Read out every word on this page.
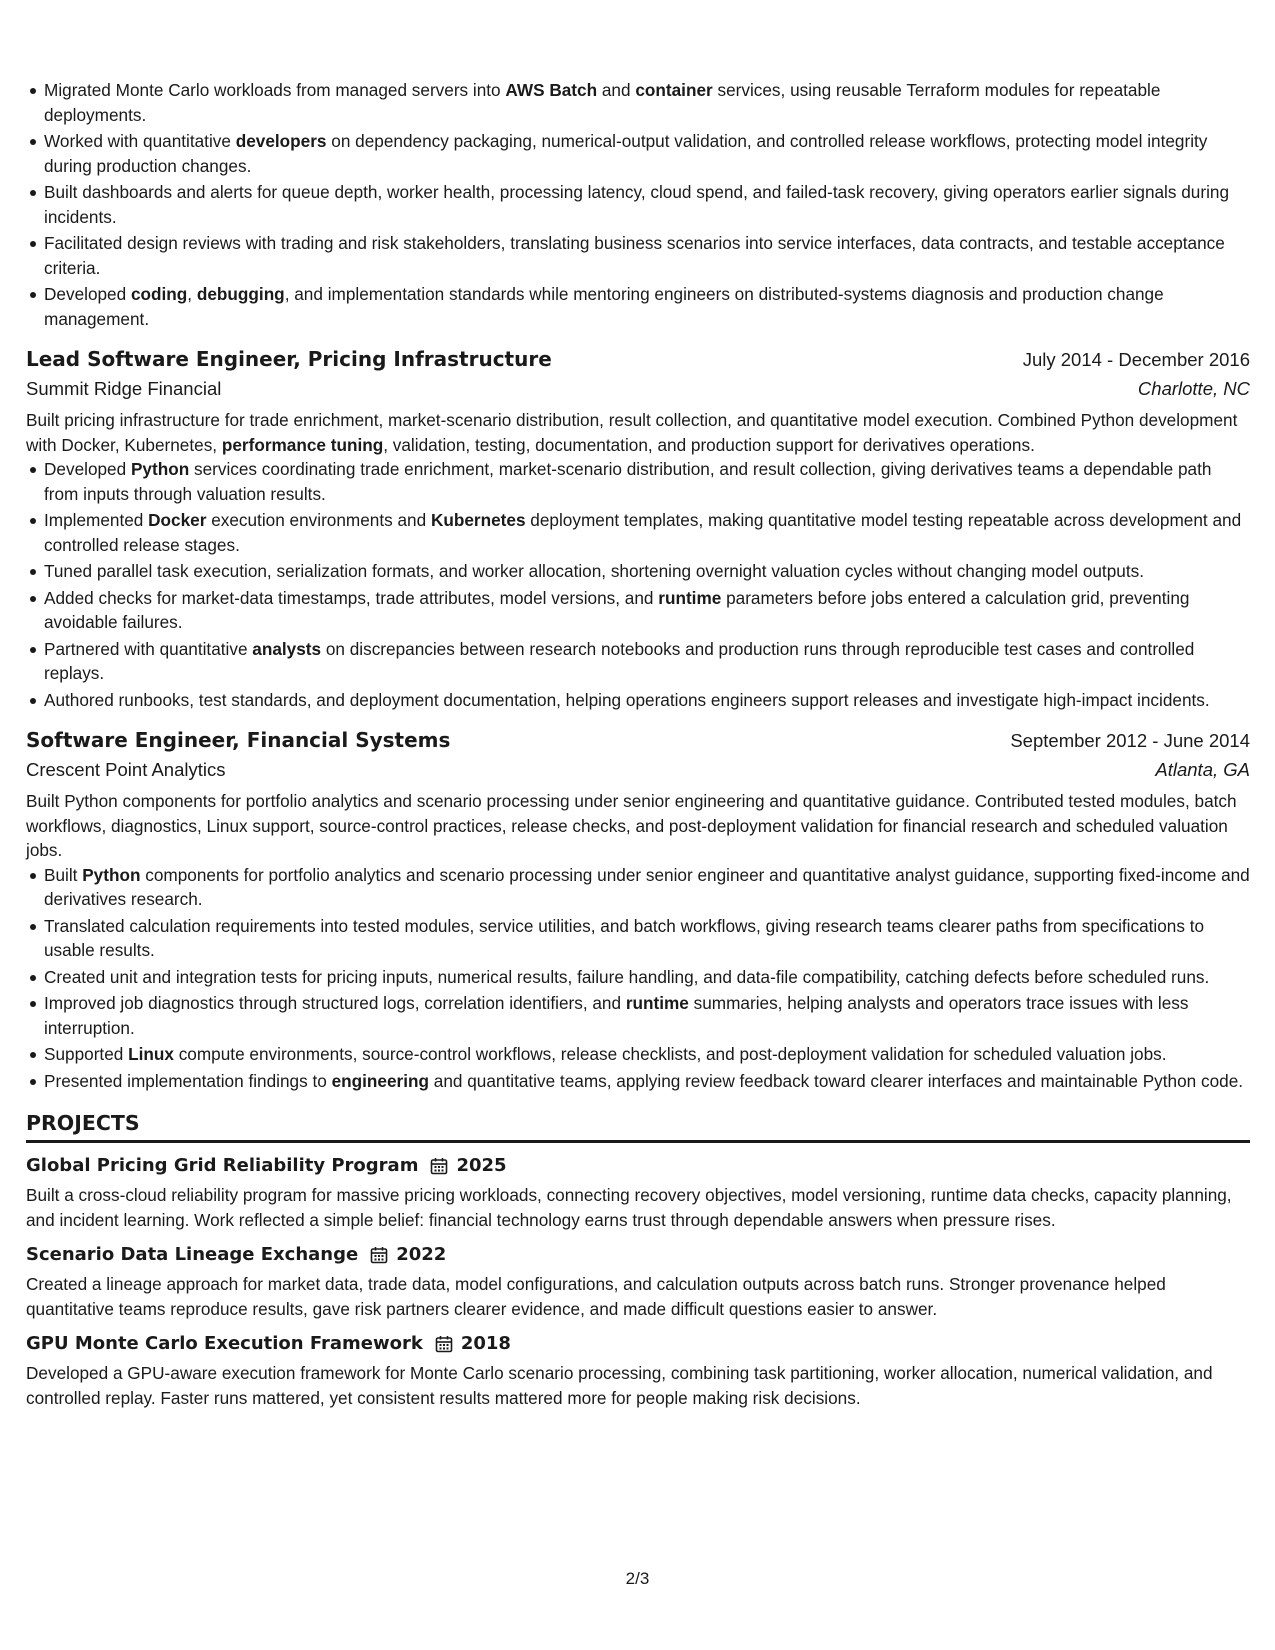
Migrated Monte Carlo workloads from managed servers into AWS Batch and container services, using reusable Terraform modules for repeatable deployments.
Worked with quantitative developers on dependency packaging, numerical-output validation, and controlled release workflows, protecting model integrity during production changes.
Built dashboards and alerts for queue depth, worker health, processing latency, cloud spend, and failed-task recovery, giving operators earlier signals during incidents.
Facilitated design reviews with trading and risk stakeholders, translating business scenarios into service interfaces, data contracts, and testable acceptance criteria.
Developed coding, debugging, and implementation standards while mentoring engineers on distributed-systems diagnosis and production change management.
Lead Software Engineer, Pricing Infrastructure	July 2014 - December 2016
Summit Ridge Financial	Charlotte, NC
Built pricing infrastructure for trade enrichment, market-scenario distribution, result collection, and quantitative model execution. Combined Python development with Docker, Kubernetes, performance tuning, validation, testing, documentation, and production support for derivatives operations.
Developed Python services coordinating trade enrichment, market-scenario distribution, and result collection, giving derivatives teams a dependable path from inputs through valuation results.
Implemented Docker execution environments and Kubernetes deployment templates, making quantitative model testing repeatable across development and controlled release stages.
Tuned parallel task execution, serialization formats, and worker allocation, shortening overnight valuation cycles without changing model outputs.
Added checks for market-data timestamps, trade attributes, model versions, and runtime parameters before jobs entered a calculation grid, preventing avoidable failures.
Partnered with quantitative analysts on discrepancies between research notebooks and production runs through reproducible test cases and controlled replays.
Authored runbooks, test standards, and deployment documentation, helping operations engineers support releases and investigate high-impact incidents.
Software Engineer, Financial Systems	September 2012 - June 2014
Crescent Point Analytics	Atlanta, GA
Built Python components for portfolio analytics and scenario processing under senior engineering and quantitative guidance. Contributed tested modules, batch workflows, diagnostics, Linux support, source-control practices, release checks, and post-deployment validation for financial research and scheduled valuation jobs.
Built Python components for portfolio analytics and scenario processing under senior engineer and quantitative analyst guidance, supporting fixed-income and derivatives research.
Translated calculation requirements into tested modules, service utilities, and batch workflows, giving research teams clearer paths from specifications to usable results.
Created unit and integration tests for pricing inputs, numerical results, failure handling, and data-file compatibility, catching defects before scheduled runs.
Improved job diagnostics through structured logs, correlation identifiers, and runtime summaries, helping analysts and operators trace issues with less interruption.
Supported Linux compute environments, source-control workflows, release checklists, and post-deployment validation for scheduled valuation jobs.
Presented implementation findings to engineering and quantitative teams, applying review feedback toward clearer interfaces and maintainable Python code.
PROJECTS
Global Pricing Grid Reliability Program 2025
Built a cross-cloud reliability program for massive pricing workloads, connecting recovery objectives, model versioning, runtime data checks, capacity planning, and incident learning. Work reflected a simple belief: financial technology earns trust through dependable answers when pressure rises.
Scenario Data Lineage Exchange 2022
Created a lineage approach for market data, trade data, model configurations, and calculation outputs across batch runs. Stronger provenance helped quantitative teams reproduce results, gave risk partners clearer evidence, and made difficult questions easier to answer.
GPU Monte Carlo Execution Framework 2018
Developed a GPU-aware execution framework for Monte Carlo scenario processing, combining task partitioning, worker allocation, numerical validation, and controlled replay. Faster runs mattered, yet consistent results mattered more for people making risk decisions.
2/3
